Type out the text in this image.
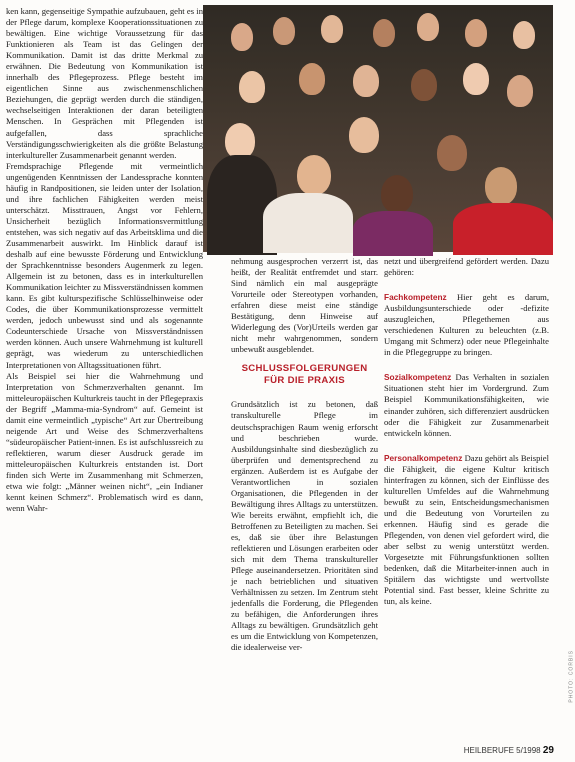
ken kann, gegenseitige Sympathie aufzubauen, geht es in der Pflege darum, komplexe Kooperationssituationen zu bewältigen. Eine wichtige Voraussetzung für das Funktionieren als Team ist das Gelingen der Kommunikation. Damit ist das dritte Merkmal zu erwähnen. Die Bedeutung von Kommunikation ist innerhalb des Pflegeprozess. Pflege besteht im eigentlichen Sinne aus zwischenmenschlichen Beziehungen, die geprägt werden durch die ständigen, wechselseitigen Interaktionen der daran beteiligten Menschen. In Gesprächen mit Pflegenden ist aufgefallen, dass sprachliche Verständigungsschwierigkeiten als die größte Belastung interkultureller Zusammenarbeit genannt werden.

Fremdsprachige Pflegende mit vermeintlich ungenügenden Kenntnissen der Landessprache konnten häufig in Randpositionen, sie leiden unter der Isolation, und ihre fachlichen Fähigkeiten werden meist unterschätzt. Missttrauen, Angst vor Fehlern, Unsicherheit bezüglich Informationsvermittlung entstehen, was sich negativ auf das Arbeitsklima und die Zusammenarbeit auswirkt. Im Hinblick darauf ist deshalb auf eine bewusste Förderung und Entwicklung der Sprachkenntnisse besonders Augenmerk zu legen. Allgemein ist zu betonen, dass es in interkulturellen Kommunikation leichter zu Missverständnissen kommen kann. Es gibt kulturspezifische Schlüsselhinweise oder Codes, die über Kommunikationsprozesse vermittelt werden, jedoch unbewusst sind und als sogenannte Codeunterschiede Ursache von Missverständnissen werden können. Auch unsere Wahrnehmung ist kulturell geprägt, was wiederum zu unterschiedlichen Interpretationen von Alltagssituationen führt.

Als Beispiel sei hier die Wahrnehmung und Interpretation von Schmerzverhalten genannt. Im mitteleuropäischen Kulturkreis taucht in der Pflegepraxis der Begriff „Mamma-mia-Syndrom“ auf. Gemeint ist damit eine vermeintlich „typische“ Art zur Übertreibung neigende Art und Weise des Schmerzverhaltens “südeuropäischer Patient-innen. Es ist aufschlussreich zu reflektieren, warum dieser Ausdruck gerade im mitteleuropäischen Kulturkreis entstanden ist. Dort finden sich Werte im Zusammenhang mit Schmerzen, etwa wie folgt: „Männer weinen nicht“, „ein Indianer kennt keinen Schmerz“. Problematisch wird es dann, wenn Wahr-

nehmung ausgesprochen verzerrt ist, das heißt, der Realität entfremdet und starr. Sind nämlich ein mal ausgeprägte Vorurteile oder Stereotypen vorhanden, erfahren diese meist eine ständige Bestätigung, denn Hinweise auf Widerlegung des (Vor)Urteils werden gar nicht mehr wahrgenommen, sondern unbewußt ausgeblendet.

SCHLUSSFOLGERUNGEN
FÜR DIE PRAXIS

Grundsätzlich ist zu betonen, daß transkulturelle Pflege im deutschsprachigen Raum wenig erforscht und beschrieben wurde. Ausbildungsinhalte sind diesbezüglich zu überprüfen und dementsprechend zu ergänzen. Außerdem ist es Aufgabe der Verantwortlichen in sozialen Organisationen, die Pflegenden in der Bewältigung ihres Alltags zu unterstützen. Wie bereits erwähnt, empfiehlt ich, die Betroffenen zu Beteiligten zu machen. Sei es, daß sie über ihre Belastungen reflektieren und Lösungen erarbeiten oder sich mit dem Thema transkultureller Pflege auseinandersetzen. Prioritäten sind je nach betrieblichen und situativen Verhältnissen zu setzen. Im Zentrum steht jedenfalls die Forderung, die Pflegenden zu befähigen, die Anforderungen ihres Alltags zu bewältigen. Grundsätzlich geht es um die Entwicklung von Kompetenzen, die idealerweise ver-

netzt und übergreifend gefördert werden. Dazu gehören:

Fachkompetenz Hier geht es darum, Ausbildungsunterschiede oder -defizite auszugleichen, Pflegethemen aus verschiedenen Kulturen zu beleuchten (z.B. Umgang mit Schmerz) oder neue Pflegeinhalte in die Pflegegruppe zu bringen.

Sozialkompetenz Das Verhalten in sozialen Situationen steht hier im Vordergrund. Zum Beispiel Kommunikationsfähigkeiten, wie einander zuhören, sich differenziert ausdrücken oder die Fähigkeit zur Zusammenarbeit entwickeln können.

Personalkompetenz Dazu gehört als Beispiel die Fähigkeit, die eigene Kultur kritisch hinterfragen zu können, sich der Einflüsse des kulturellen Umfeldes auf die Wahrnehmung bewußt zu sein, Entscheidungsmechanismen und die Bedeutung von Vorurteilen zu erkennen. Häufig sind es gerade die Pflegenden, von denen viel gefordert wird, die aber selbst zu wenig unterstützt werden. Vorgesetzte mit Führungsfunktionen sollten bedenken, daß die Mitarbeiter-innen auch in Spitälern das wichtigste und wertvollste Potential sind. Fast besser, kleine Schritte zu tun, als keine.

PHOTO: CORBIS
HEILBERUFE 5/1998 29
